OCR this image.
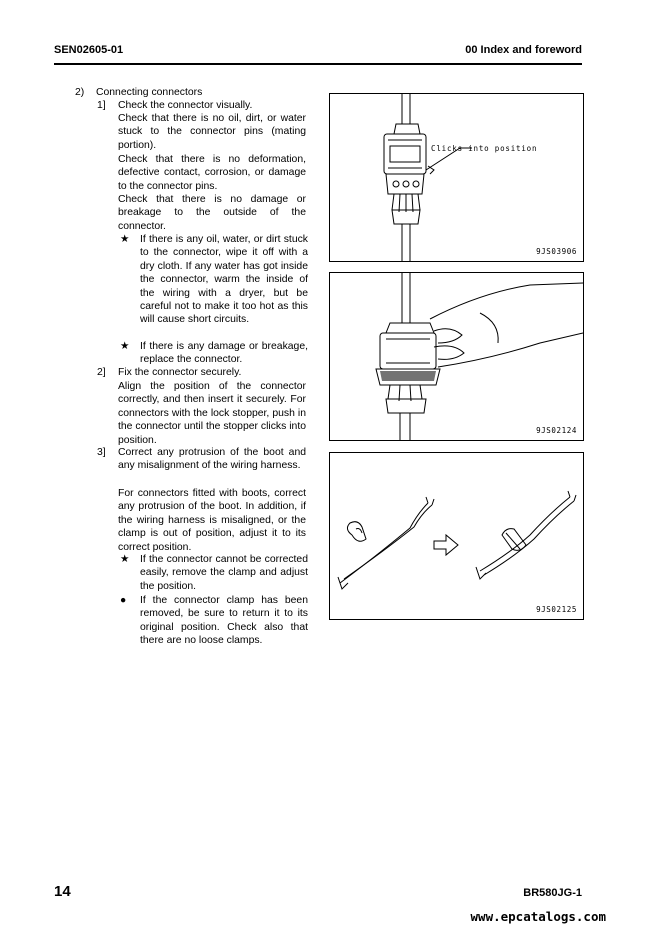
SEN02605-01	00 Index and foreword
2) Connecting connectors
1] Check the connector visually.
Check that there is no oil, dirt, or water stuck to the connector pins (mating portion).
Check that there is no deformation, defective contact, corrosion, or damage to the connector pins.
Check that there is no damage or breakage to the outside of the connector.
★ If there is any oil, water, or dirt stuck to the connector, wipe it off with a dry cloth. If any water has got inside the connector, warm the inside of the wiring with a dryer, but be careful not to make it too hot as this will cause short circuits.
★ If there is any damage or breakage, replace the connector.
2] Fix the connector securely.
Align the position of the connector correctly, and then insert it securely. For connectors with the lock stopper, push in the connector until the stopper clicks into position.
3] Correct any protrusion of the boot and any misalignment of the wiring harness.
For connectors fitted with boots, correct any protrusion of the boot. In addition, if the wiring harness is misaligned, or the clamp is out of position, adjust it to its correct position.
★ If the connector cannot be corrected easily, remove the clamp and adjust the position.
● If the connector clamp has been removed, be sure to return it to its original position. Check also that there are no loose clamps.
Clicks into position
9JS03906
9JS02124
9JS02125
14	BR580JG-1
www.epcatalogs.com
